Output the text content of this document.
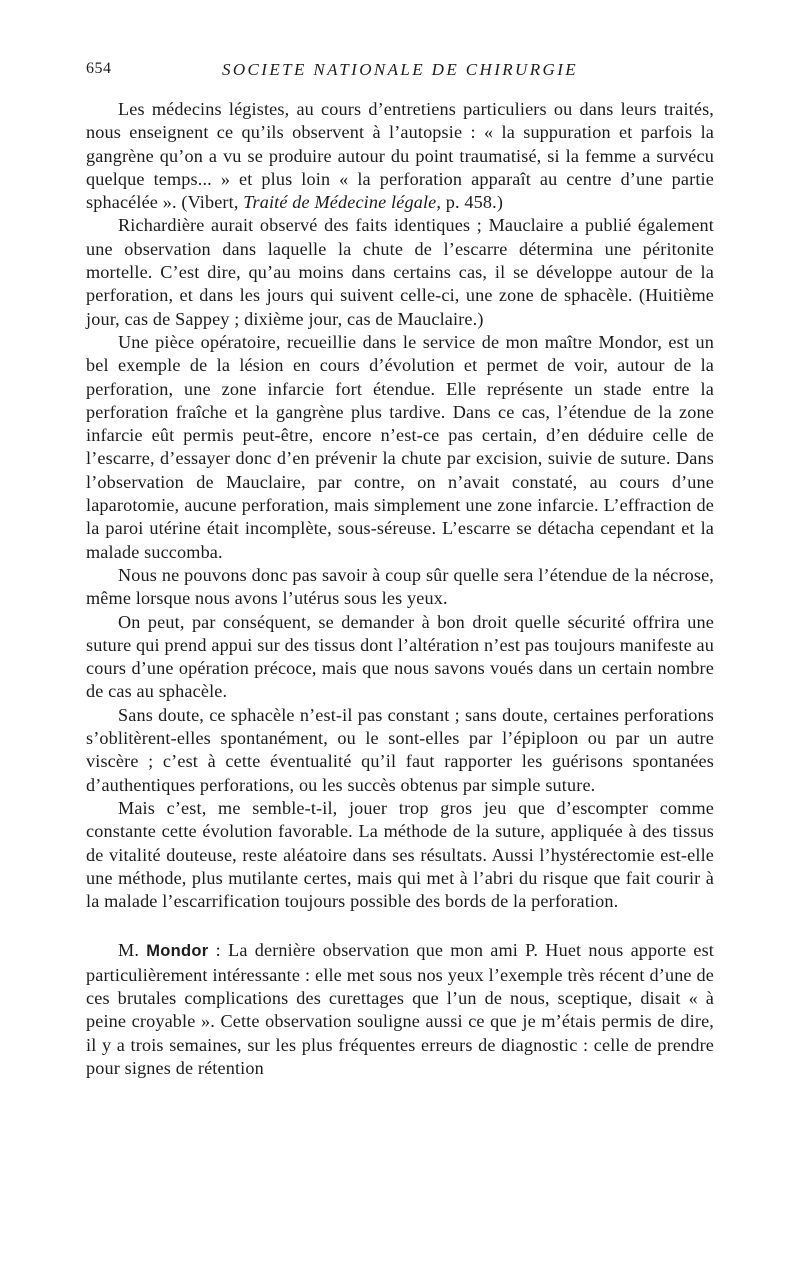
654	SOCIETE NATIONALE DE CHIRURGIE

Les médecins légistes, au cours d’entretiens particuliers ou dans leurs traités, nous enseignent ce qu’ils observent à l’autopsie : « la suppuration et parfois la gangrène qu’on a vu se produire autour du point traumatisé, si la femme a survécu quelque temps... » et plus loin « la perforation apparaît au centre d’une partie sphacélée ». (Vibert, Traité de Médecine légale, p. 458.)

Richardière aurait observé des faits identiques ; Mauclaire a publié également une observation dans laquelle la chute de l’escarre détermina une péritonite mortelle. C’est dire, qu’au moins dans certains cas, il se développe autour de la perforation, et dans les jours qui suivent celle-ci, une zone de sphacèle. (Huitième jour, cas de Sappey ; dixième jour, cas de Mauclaire.)

Une pièce opératoire, recueillie dans le service de mon maître Mondor, est un bel exemple de la lésion en cours d’évolution et permet de voir, autour de la perforation, une zone infarcie fort étendue. Elle représente un stade entre la perforation fraîche et la gangrène plus tardive. Dans ce cas, l’étendue de la zone infarcie eût permis peut-être, encore n’est-ce pas certain, d’en déduire celle de l’escarre, d’essayer donc d’en prévenir la chute par excision, suivie de suture. Dans l’observation de Mauclaire, par contre, on n’avait constaté, au cours d’une laparotomie, aucune perforation, mais simplement une zone infarcie. L’effraction de la paroi utérine était incomplète, sous-séreuse. L’escarre se détacha cependant et la malade succomba.

Nous ne pouvons donc pas savoir à coup sûr quelle sera l’étendue de la nécrose, même lorsque nous avons l’utérus sous les yeux.

On peut, par conséquent, se demander à bon droit quelle sécurité offrira une suture qui prend appui sur des tissus dont l’altération n’est pas toujours manifeste au cours d’une opération précoce, mais que nous savons voués dans un certain nombre de cas au sphacèle.

Sans doute, ce sphacèle n’est-il pas constant ; sans doute, certaines perforations s’oblitèrent-elles spontanément, ou le sont-elles par l’épiploon ou par un autre viscère ; c’est à cette éventualité qu’il faut rapporter les guérisons spontanées d’authentiques perforations, ou les succès obtenus par simple suture.

Mais c’est, me semble-t-il, jouer trop gros jeu que d’escompter comme constante cette évolution favorable. La méthode de la suture, appliquée à des tissus de vitalité douteuse, reste aléatoire dans ses résultats. Aussi l’hystérectomie est-elle une méthode, plus mutilante certes, mais qui met à l’abri du risque que fait courir à la malade l’escarrification toujours possible des bords de la perforation.

M. Mondor : La dernière observation que mon ami P. Huet nous apporte est particulièrement intéressante : elle met sous nos yeux l’exemple très récent d’une de ces brutales complications des curettages que l’un de nous, sceptique, disait « à peine croyable ». Cette observation souligne aussi ce que je m’étais permis de dire, il y a trois semaines, sur les plus fréquentes erreurs de diagnostic : celle de prendre pour signes de rétention
